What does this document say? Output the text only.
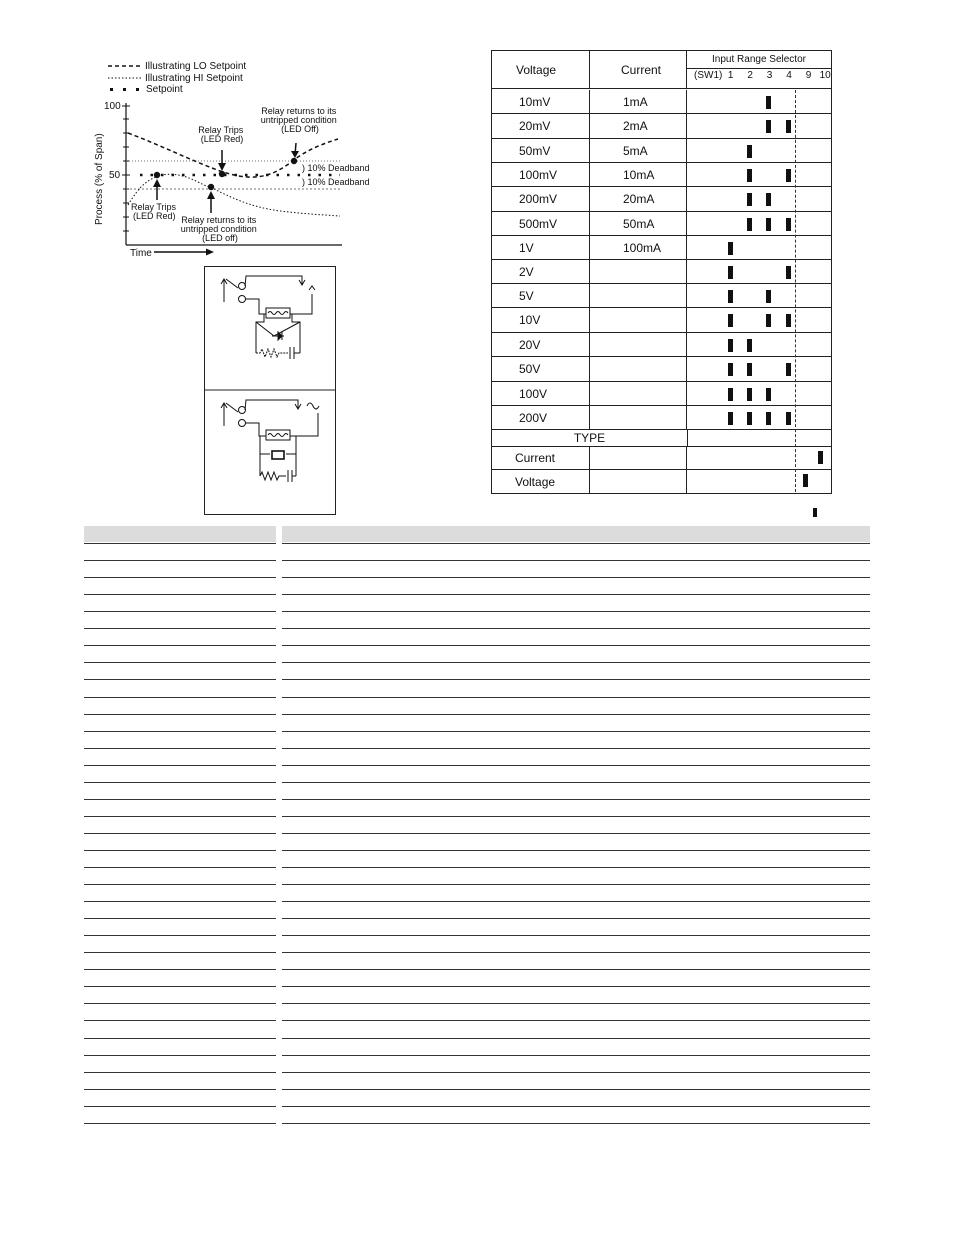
Illustrating LO Setpoint
Illustrating HI Setpoint
Setpoint
100
50
Process (% of Span)
Time
Relay Trips (LED Red)
Relay returns to its untripped condition (LED Off)
) 10% Deadband
) 10% Deadband
Relay Trips (LED Red) Relay returns to its untripped condition (LED off)
Voltage	Current
Input Range Selector
(SW1)  1     2     3     4     9   10
10mV	1mA
20mV	2mA
50mV	5mA
100mV	10mA
200mV	20mA
500mV	50mA
1V	100mA
2V
5V
10V
20V
50V
100V
200V
TYPE
Current
Voltage
